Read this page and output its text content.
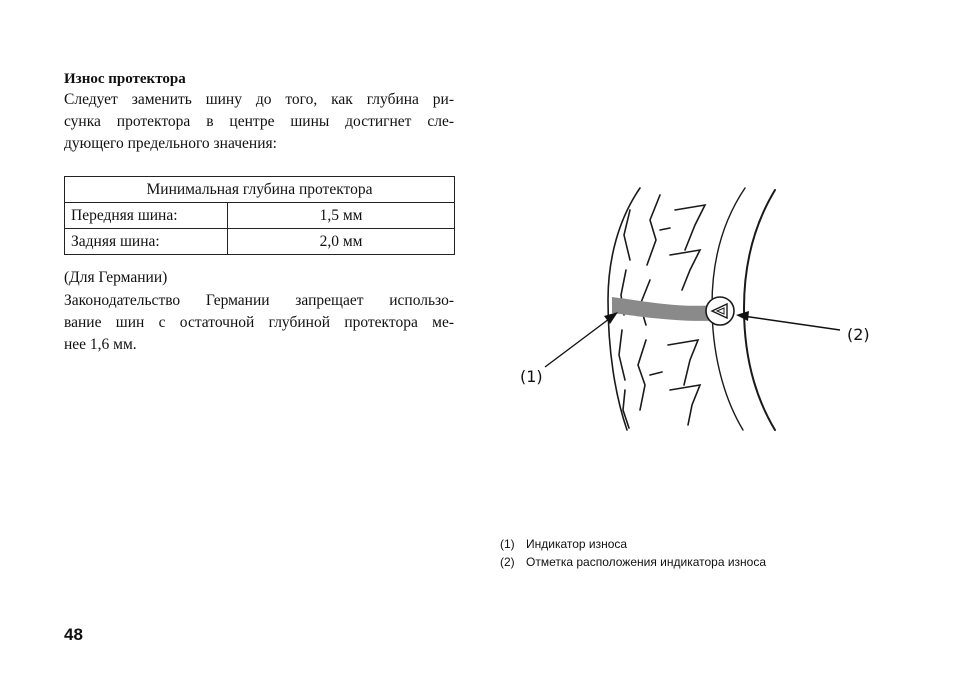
Износ протектора

Следует заменить шину до того, как глубина ри-
сунка протектора в центре шины достигнет сле-
дующего предельного значения:

Минимальная глубина протектора	
Передняя шина:	1,5 мм
Задняя шина:	2,0 мм

(Для Германии)

Законодательство Германии запрещает использо-
вание шин с остаточной глубиной протектора ме-
нее 1,6 мм.

(1)
(2)
(1) Индикатор износа
(2) Отметка расположения индикатора износа
48
